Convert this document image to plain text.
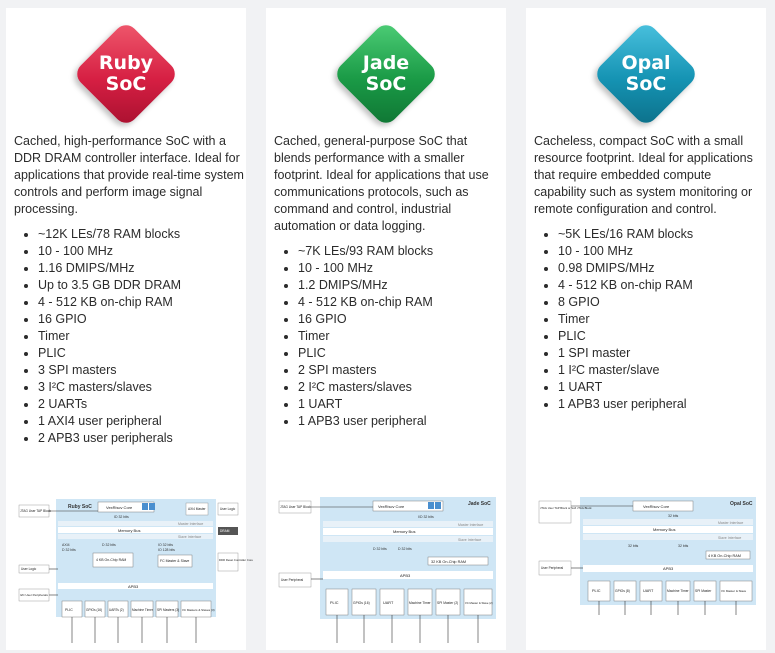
Ruby
SoC

Cached, high-performance SoC with a DDR DRAM controller interface. Ideal for applications that provide real-time system controls and perform image signal processing.

• ~12K LEs/78 RAM blocks
• 10 - 100 MHz
• 1.16 DMIPS/MHz
• Up to 3.5 GB DDR DRAM
• 4 - 512 KB on-chip RAM
• 16 GPIO
• Timer
• PLIC
• 3 SPI masters
• 3 I²C masters/slaves
• 2 UARTs
• 1 AXI4 user peripheral
• 2 APB3 user peripherals
Ruby SoC	VexRiscv Core
ID 32 bits
Master Interface
Memory Bus
Slave Interface
AXI4
D 32 bits
D 32 bits	IO 32 bits
IO 128 bits
4 KB On-Chip RAM	FC Master & Slave
APB3
PLIC	GPIOs (16) UARTs (2)	Machine Timer SPI Masters (3) I²C Masters & Slaves (3)
JTAG User TAP Block
User Logic
I2C User Peripherals
AXI4 Master	User Logic
DRAM
DDR Reset Controller Core
Jade
SoC

Cached, general-purpose SoC that blends performance with a smaller footprint. Ideal for applications that use communications protocols, such as command and control, industrial automation or data logging.

• ~7K LEs/93 RAM blocks
• 10 - 100 MHz
• 1.2 DMIPS/MHz
• 4 - 512 KB on-chip RAM
• 16 GPIO
• Timer
• PLIC
• 2 SPI masters
• 2 I²C masters/slaves
• 1 UART
• 1 APB3 user peripheral
Jade SoC
VexRiscv Core
I/D 32 bits
Master Interface
Memory Bus
Slave Interface
D 32 bits	D 32 bits
32 KB On-Chip RAM
APB3
PLIC	GPIOs (16)	UART	Machine Timer SPI Master (2) I²C Master & Slave (2)
JTAG User TAP Block
User Peripheral
Opal
SoC

Cacheless, compact SoC with a small resource footprint. Ideal for applications that require embedded compute capability such as system monitoring or remote configuration and control.

• ~5K LEs/16 RAM blocks
• 10 - 100 MHz
• 0.98 DMIPS/MHz
• 4 - 512 KB on-chip RAM
• 8 GPIO
• Timer
• PLIC
• 1 SPI master
• 1 I²C master/slave
• 1 UART
• 1 APB3 user peripheral
Opal SoC
VexRiscv Core
Master Interface
Memory Bus
Slave Interface
32 bits
32 bits	32 bits
4 KB On-Chip RAM
APB3
PLIC	GPIOs (8)	UART	Machine Timer SPI Master	I²C Master & Slave
JTAG User TAP Block or Soft JTAG Block
User Peripheral
